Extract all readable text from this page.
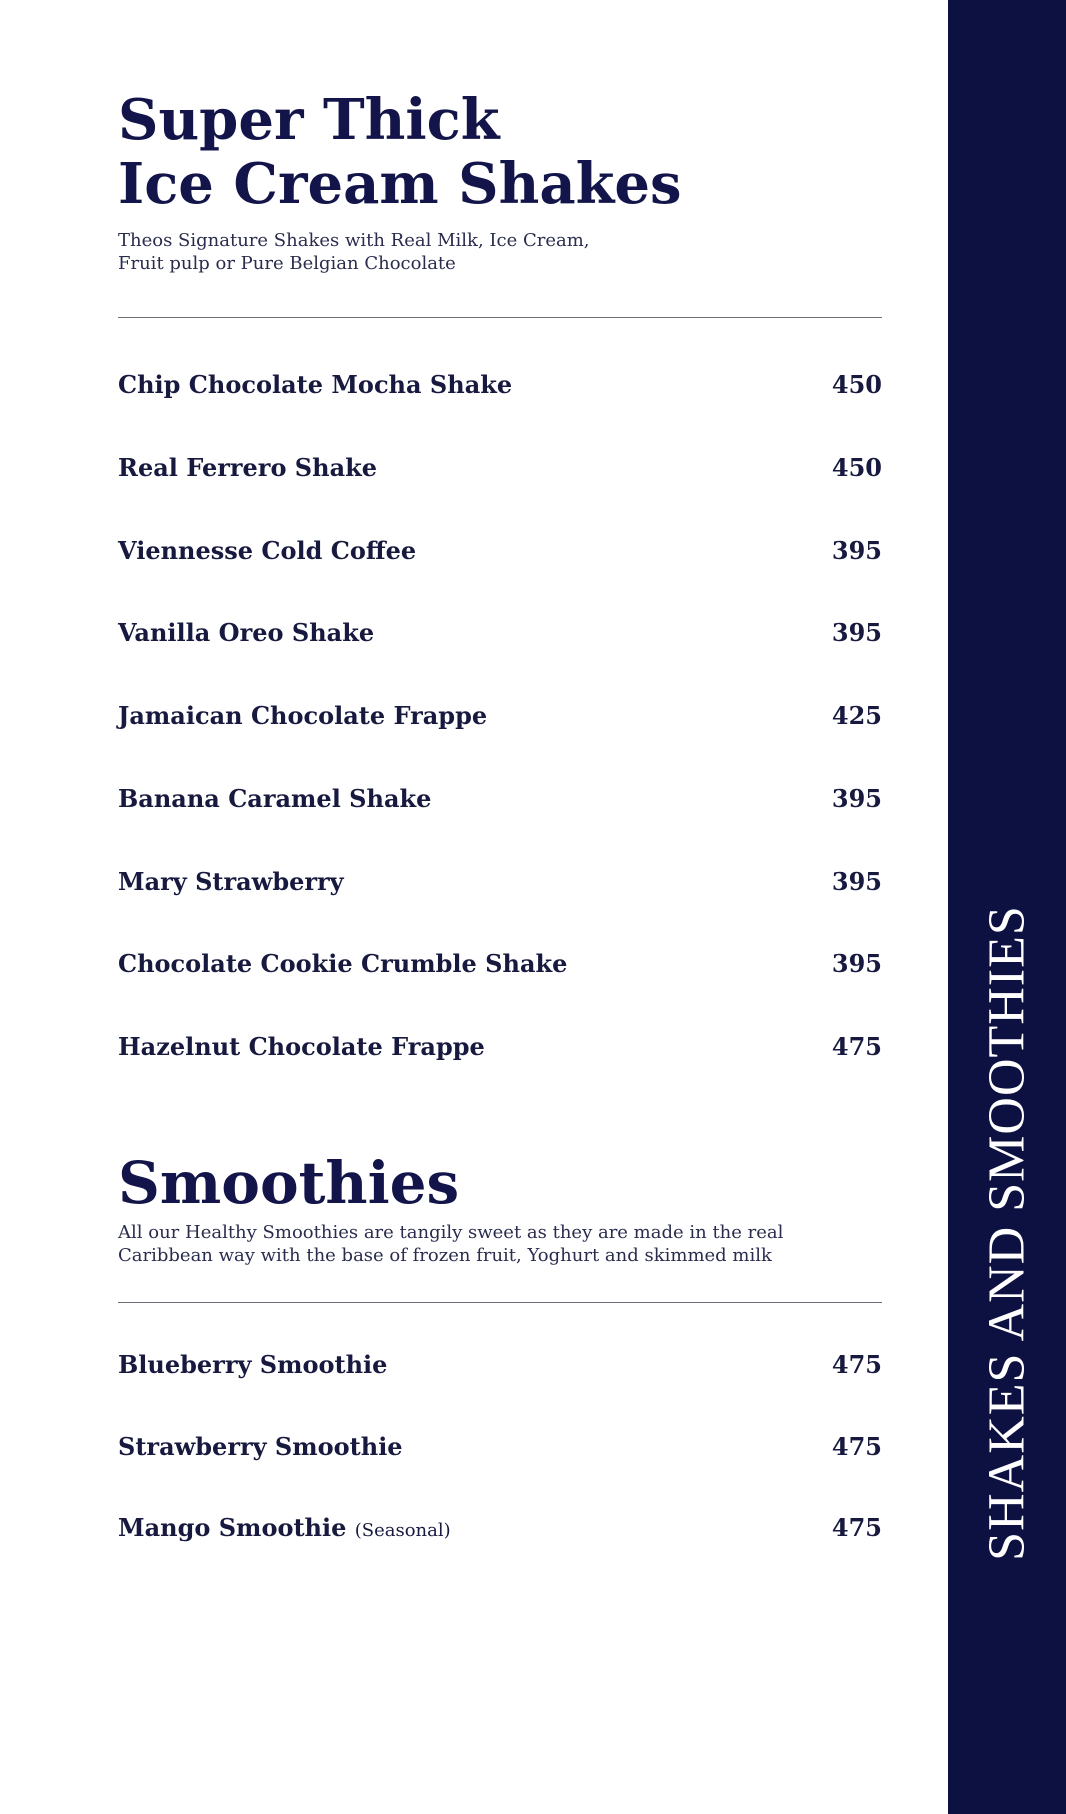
Super Thick
Ice Cream Shakes
Theos Signature Shakes with Real Milk, Ice Cream,
Fruit pulp or Pure Belgian Chocolate
Chip Chocolate Mocha Shake	450
Real Ferrero Shake	450
Viennesse Cold Coffee	395
Vanilla Oreo Shake	395
Jamaican Chocolate Frappe	425
Banana Caramel Shake	395
Mary Strawberry	395
Chocolate Cookie Crumble Shake	395
Hazelnut Chocolate Frappe	475
Smoothies
All our Healthy Smoothies are tangily sweet as they are made in the real
Caribbean way with the base of frozen fruit, Yoghurt and skimmed milk
Blueberry Smoothie	475
Strawberry Smoothie	475
Mango Smoothie (Seasonal)	475 SHAKES AND SMOOTHIES
